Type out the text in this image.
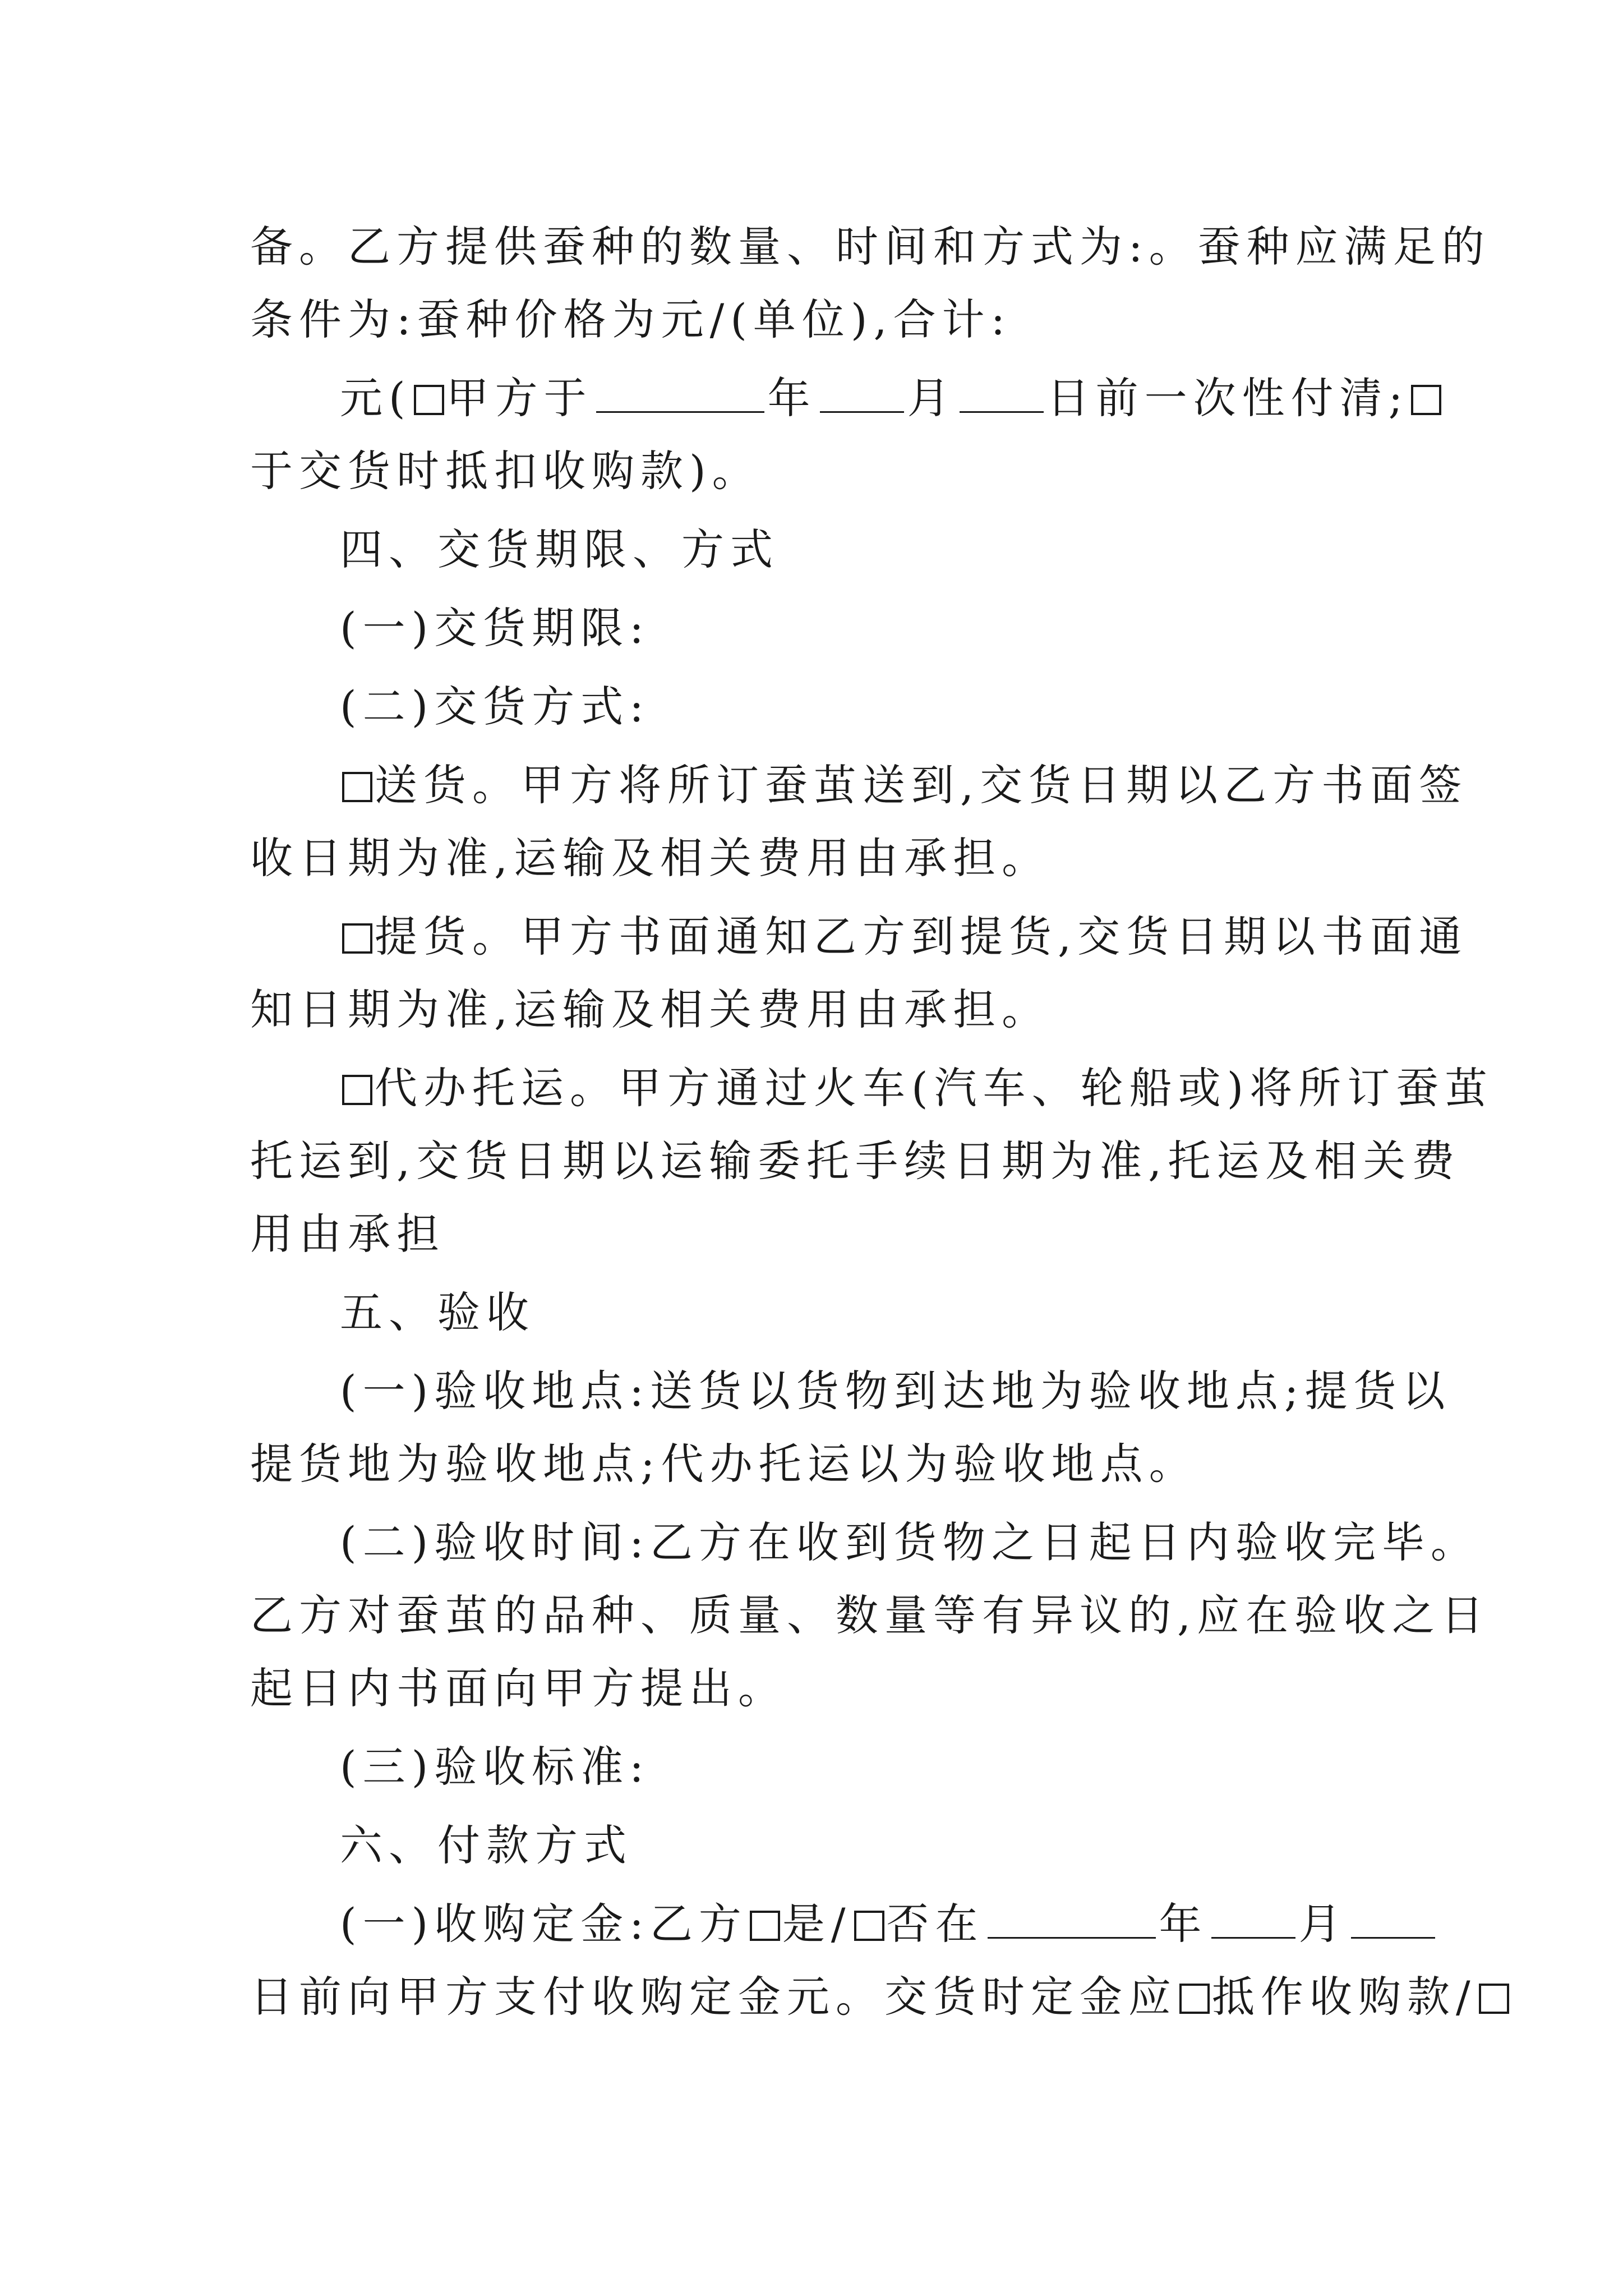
备。乙方提供蚕种的数量、时间和方式为:。蚕种应满足的
条件为:蚕种价格为元/(单位),合计:
元( 甲方于	年 月 日前一次性付清;
于交货时抵扣收购款)。
四、交货期限、方式
(一)交货期限:
(二)交货方式:
送货。甲方将所订蚕茧送到,交货日期以乙方书面签
收日期为准,运输及相关费用由承担。
提货。甲方书面通知乙方到提货,交货日期以书面通
知日期为准,运输及相关费用由承担。
代办托运。甲方通过火车(汽车、轮船或)将所订蚕茧
托运到,交货日期以运输委托手续日期为准,托运及相关费
用由承担
五、验收
(一)验收地点:送货以货物到达地为验收地点;提货以
提货地为验收地点;代办托运以为验收地点。
(二)验收时间:乙方在收到货物之日起日内验收完毕。
乙方对蚕茧的品种、质量、数量等有异议的,应在验收之日
起日内书面向甲方提出。
(三)验收标准:
六、付款方式
(一)收购定金:乙方 是/ 否在	年 月
日前向甲方支付收购定金元。交货时定金应 抵作收购款/
